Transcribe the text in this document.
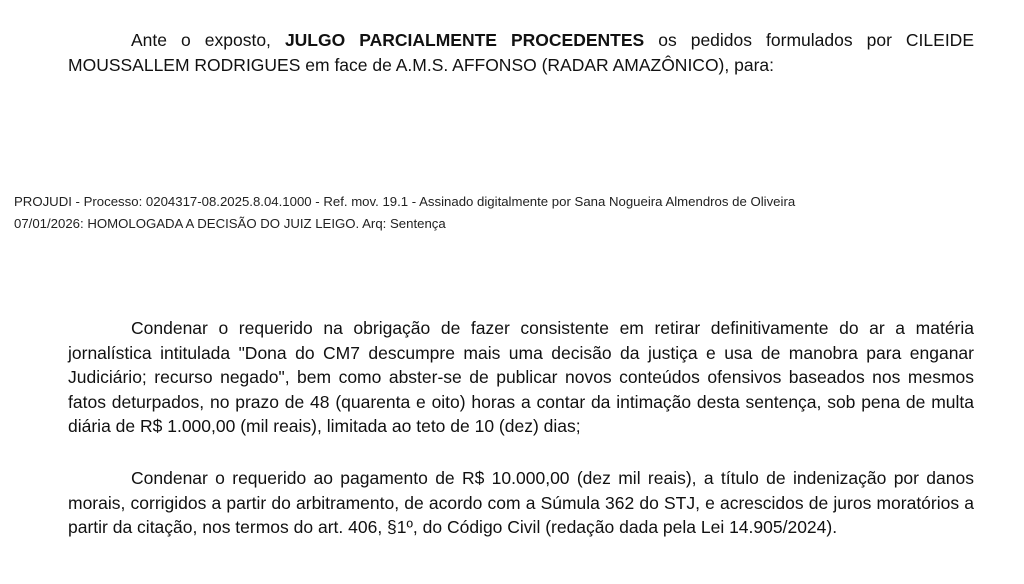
Ante o exposto, JULGO PARCIALMENTE PROCEDENTES os pedidos formulados por CILEIDE MOUSSALLEM RODRIGUES em face de A.M.S. AFFONSO (RADAR AMAZÔNICO), para:

PROJUDI - Processo: 0204317-08.2025.8.04.1000 - Ref. mov. 19.1 - Assinado digitalmente por Sana Nogueira Almendros de Oliveira
07/01/2026: HOMOLOGADA A DECISÃO DO JUIZ LEIGO. Arq: Sentença

Condenar o requerido na obrigação de fazer consistente em retirar definitivamente do ar a matéria jornalística intitulada "Dona do CM7 descumpre mais uma decisão da justiça e usa de manobra para enganar Judiciário; recurso negado", bem como abster-se de publicar novos conteúdos ofensivos baseados nos mesmos fatos deturpados, no prazo de 48 (quarenta e oito) horas a contar da intimação desta sentença, sob pena de multa diária de R$ 1.000,00 (mil reais), limitada ao teto de 10 (dez) dias;

Condenar o requerido ao pagamento de R$ 10.000,00 (dez mil reais), a título de indenização por danos morais, corrigidos a partir do arbitramento, de acordo com a Súmula 362 do STJ, e acrescidos de juros moratórios a partir da citação, nos termos do art. 406, §1º, do Código Civil (redação dada pela Lei 14.905/2024).
